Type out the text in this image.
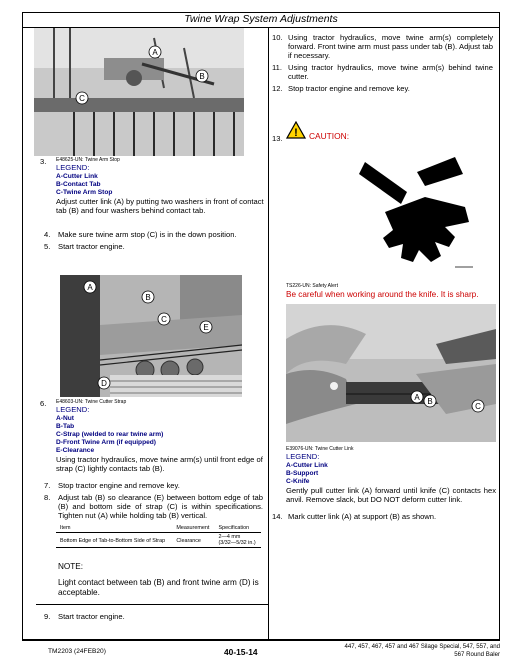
Twine Wrap System Adjustments
A
B
C
3. E48625-UN: Twine Arm Stop
LEGEND:
A-Cutter Link
B-Contact Tab
C-Twine Arm Stop
Adjust cutter link (A) by putting two washers in front of contact tab (B) and four washers behind contact tab.
4. Make sure twine arm stop (C) is in the down position.
5. Start tractor engine.
A
B
C
D
E
6. E48603-UN: Twine Cutter Strap
LEGEND:
A-Nut
B-Tab
C-Strap (welded to rear twine arm)
D-Front Twine Arm (if equipped)
E-Clearance
Using tractor hydraulics, move twine arm(s) until front edge of strap (C) lightly contacts tab (B).
7. Stop tractor engine and remove key.
8. Adjust tab (B) so clearance (E) between bottom edge of tab (B) and bottom side of strap (C) is within specifications. Tighten nut (A) while holding tab (B) vertical.
Item	Measurement	Specification
Bottom Edge of Tab-to-Bottom Side of Strap	Clearance	2—4 mm
(3/32—5/32 in.)
NOTE:
Light contact between tab (B) and front twine arm (D) is acceptable.
9. Start tractor engine.
10. Using tractor hydraulics, move twine arm(s) completely forward. Front twine arm must pass under tab (B). Adjust tab if necessary.
11. Using tractor hydraulics, move twine arm(s) behind twine cutter.
12. Stop tractor engine and remove key.
13. ! CAUTION:
TS226-UN: Safety Alert
Be careful when working around the knife. It is sharp.
A B
C
E39076-UN: Twine Cutter Link
LEGEND:
A-Cutter Link
B-Support
C-Knife
Gently pull cutter link (A) forward until knife (C) contacts hex anvil. Remove slack, but DO NOT deform cutter link.
14. Mark cutter link (A) at support (B) as shown.
TM2203 (24FEB20)	40-15-14
447, 457, 467, 457 and 467 Silage Special, 547, 557, and
567 Round Baler
